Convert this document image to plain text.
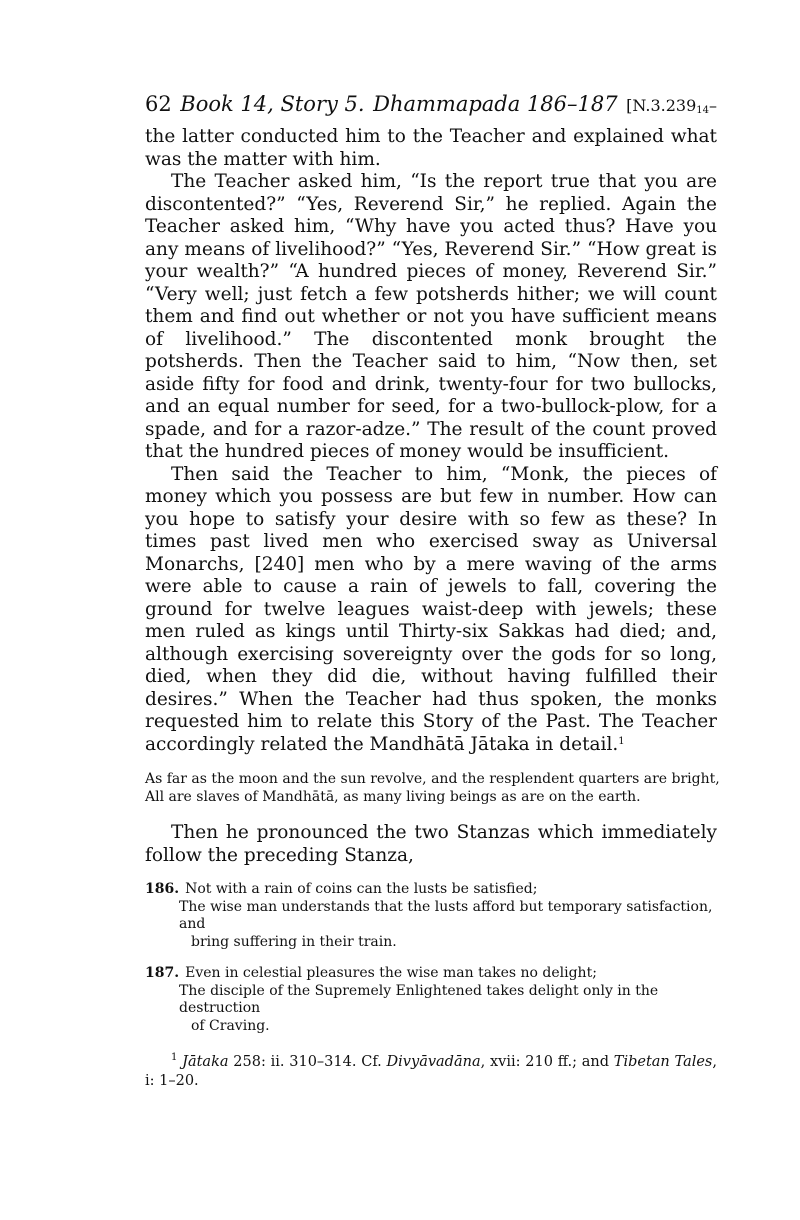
62 Book 14, Story 5. Dhammapada 186–187 [$N.3.239_{14}-$

the latter conducted him to the Teacher and explained what was the matter with him.

The Teacher asked him, “Is the report true that you are discontented?” “Yes, Reverend Sir,” he replied. Again the Teacher asked him, “Why have you acted thus? Have you any means of livelihood?” “Yes, Reverend Sir.” “How great is your wealth?” “A hundred pieces of money, Reverend Sir.” “Very well; just fetch a few potsherds hither; we will count them and find out whether or not you have sufficient means of livelihood.” The discontented monk brought the potsherds. Then the Teacher said to him, “Now then, set aside fifty for food and drink, twenty-four for two bullocks, and an equal number for seed, for a two-bullock-plow, for a spade, and for a razor-adze.” The result of the count proved that the hundred pieces of money would be insufficient.

Then said the Teacher to him, “Monk, the pieces of money which you possess are but few in number. How can you hope to satisfy your desire with so few as these? In times past lived men who exercised sway as Universal Monarchs, [240] men who by a mere waving of the arms were able to cause a rain of jewels to fall, covering the ground for twelve leagues waist-deep with jewels; these men ruled as kings until Thirty-six Sakkas had died; and, although exercising sovereignty over the gods for so long, died, when they did die, without having fulfilled their desires.” When the Teacher had thus spoken, the monks requested him to relate this Story of the Past. The Teacher accordingly related the Mandhātā Jātaka in detail.$^1$

As far as the moon and the sun revolve, and the resplendent quarters are bright,
All are slaves of Mandhātā, as many living beings as are on the earth.

Then he pronounced the two Stanzas which immediately follow the preceding Stanza,

186. Not with a rain of coins can the lusts be satisfied;
The wise man understands that the lusts afford but temporary satisfaction, and
bring suffering in their train.
187. Even in celestial pleasures the wise man takes no delight;
The disciple of the Supremely Enlightened takes delight only in the destruction
of Craving.
$^1$ Jātaka 258: ii. 310–314. Cf. Divyāvadāna, xvii: 210 ff.; and Tibetan Tales, i: 1–20.
